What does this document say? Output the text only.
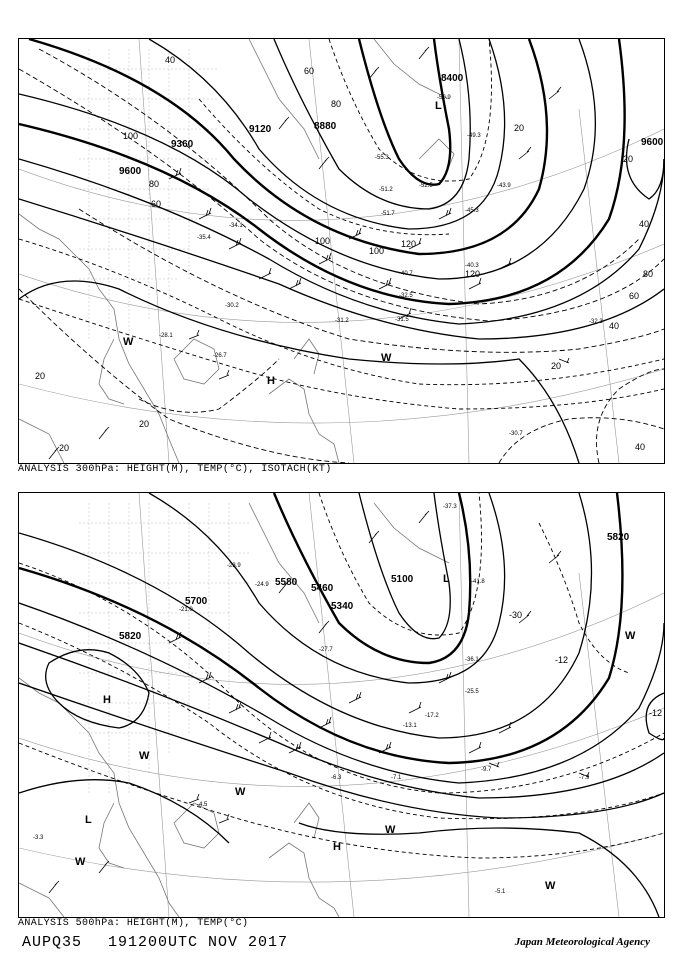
8400
8880
9120
9360
9600
9600
40
60
80
100
80
60
40
20
100
120
20
40
60
80
40
20
20
20
100
120
20
-50.9
-49.3
-51.2
-45.3
-40.7
-32.5
-31.2
-30.7
-26.7
-28.1
-32.3
-31.5
-40.3
-43.9
-52.5
-51.7
-55.3
-34.1
-35.4
-30.2
L
H
W
W
ANALYSIS 300hPa: HEIGHT(M), TEMP(°C), ISOTACH(KT)
5100
5340
5460
5580
5700
5820
5820
-30
-12
-12
-9.7
-7.9
-7.1
-6.3
-5.1
-4.5
-3.3
-21.0
-23.9
-24.9
-27.7
-37.3
-41.8
-36.1
-25.5
-17.2
-13.1
L
H
H
L
W
W
W
W
W
W
ANALYSIS 500hPa: HEIGHT(M), TEMP(°C)
AUPQ35 191200UTC NOV 2017	Japan Meteorological Agency
